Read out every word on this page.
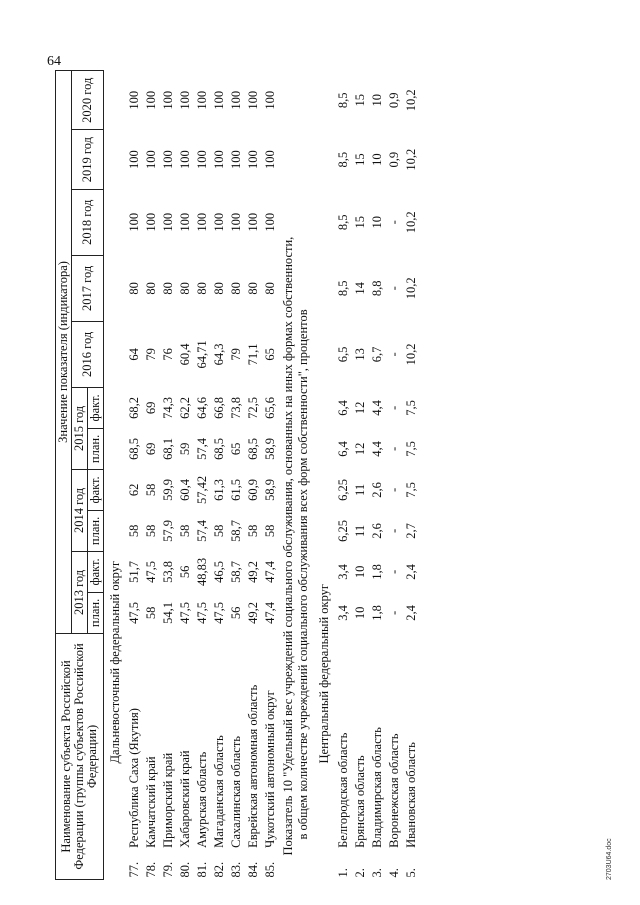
64
Наименование субъекта Российской Федерации (группы субъектов Российской Федерации)		Значение показателя (индикатора)										
		2013 год		2014 год		2015 год		2016 год	2017 год	2018 год	2019 год	2020 год
		план.	факт.	план.	факт.	план.	факт.					
Дальневосточный федеральный округ												
77.	Республика Саха (Якутия)	47,5	51,7	58	62	68,5	68,2	64	80	100	100	100
78.	Камчатский край	58	47,5	58	58	69	69	79	80	100	100	100
79.	Приморский край	54,1	53,8	57,9	59,9	68,1	74,3	76	80	100	100	100
80.	Хабаровский край	47,5	56	58	60,4	59	62,2	60,4	80	100	100	100
81.	Амурская область	47,5	48,83	57,4	57,42	57,4	64,6	64,71	80	100	100	100
82.	Магаданская область	47,5	46,5	58	61,3	68,5	66,8	64,3	80	100	100	100
83.	Сахалинская область	56	58,7	58,7	61,5	65	73,8	79	80	100	100	100
84.	Еврейская автономная область	49,2	49,2	58	60,9	68,5	72,5	71,1	80	100	100	100
85.	Чукотский автономный округ	47,4	47,4	58	58,9	58,9	65,6	65	80	100	100	100
Показатель 10 "Удельный вес учреждений социального обслуживания, основанных на иных формах собственности, в общем количестве учреждений социального обслуживания всех форм собственности", процентов												

Центральный федеральный округ												
1.	Белгородская область	3,4	3,4	6,25	6,25	6,4	6,4	6,5	8,5	8,5	8,5	8,5
2.	Брянская область	10	10	11	11	12	12	13	14	15	15	15
3.	Владимирская область	1,8	1,8	2,6	2,6	4,4	4,4	6,7	8,8	10	10	10
4.	Воронежская область	-	-	-	-	-	-	-	-	-	0,9	0,9
5.	Ивановская область	2,4	2,4	2,7	7,5	7,5	7,5	10,2	10,2	10,2	10,2	10,2
2703U64.doc
